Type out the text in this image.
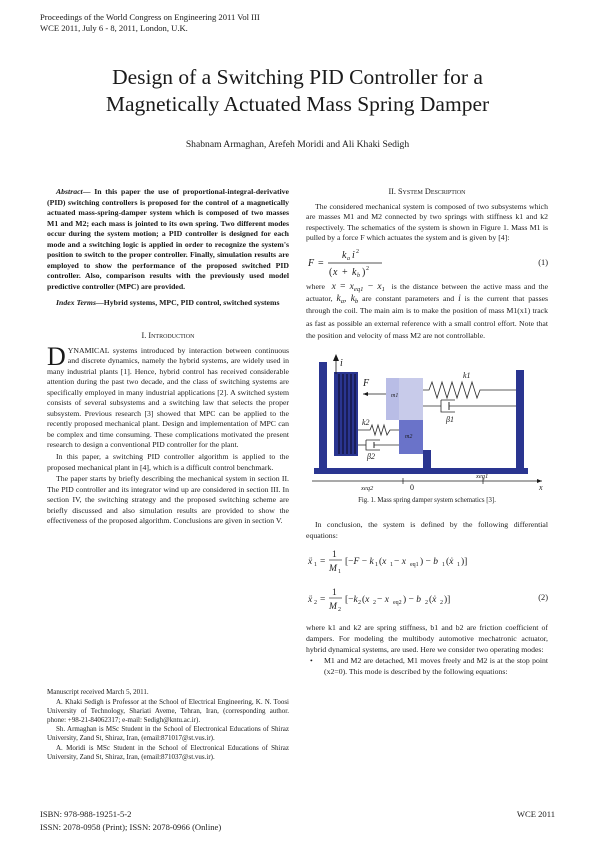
Proceedings of the World Congress on Engineering 2011 Vol III
WCE 2011, July 6 - 8, 2011, London, U.K.
Design of a Switching PID Controller for a
Magnetically Actuated Mass Spring Damper
Shabnam Armaghan, Arefeh Moridi and Ali Khaki Sedigh

Abstract— In this paper the use of proportional-integral-derivative (PID) switching controllers is proposed for the control of a magnetically actuated mass-spring-damper system which is composed of two masses M1 and M2; each mass is jointed to its own spring. Two different modes occur during the system motion; a PID controller is designed for each mode and a switching logic is applied in order to recognize the system's position to switch to the proper controller. Finally, simulation results are employed to show the performance of the proposed switched PID controller. Also, comparison results with the previously used model predictive controller (MPC) are provided.

Index Terms—Hybrid systems, MPC, PID control, switched systems

I. Introduction

DYNAMICAL systems introduced by interaction between continuous and discrete dynamics, namely the hybrid systems, are widely used in many industrial plants [1]. Hence, hybrid control has received considerable attention during the past two decade, and the class of switching systems are specifically employed in many industrial applications [2]. A switched system consists of several subsystems and a switching law that selects the proper subsystem. Previous research [3] showed that MPC can be applied to the recently proposed mechanical plant. Design and implementation of MPC can be complex and time consuming. These complications motivated the present research to design a conventional PID controller for the plant.

In this paper, a switching PID controller algorithm is applied to the proposed mechanical plant in [4], which is a difficult control benchmark.

The paper starts by briefly describing the mechanical system in section II. The PID controller and its integrator wind up are considered in section III. In section IV, the switching strategy and the proposed switching scheme are briefly discussed and also simulation results are provided to show the effectiveness of the proposed algorithm. Conclusions are given in section V.

Manuscript received March 5, 2011.

A. Khaki Sedigh is Professor at the School of Electrical Engineering, K. N. Toosi University of Technology, Shariati Aveme, Tehran, Iran, (corresponding author. phone: +98-21-84062317; e-mail: Sedigh@kntu.ac.ir).

Sh. Armaghan is MSc Student in the School of Electronical Educations of Shiraz University, Zand St, Shiraz, Iran, (email:871017@st.vus.ir).

A. Moridi is MSc Student in the School of Electronical Educations of Shiraz University, Zand St, Shiraz, Iran, (email:871037@st.vus.ir).

II. System Description

The considered mechanical system is composed of two subsystems which are masses M1 and M2 connected by two springs with stiffness k1 and k2 respectively. The schematics of the system is shown in Figure 1. Mass M1 is pulled by a force F which actuates the system and is given by [4]:

F =
k a i 2
( x + k b ) 2
(1)

where  $x = x_{eq1} - x_1$ is the distance between the active mass and the actuator, $k_a$, $k_b$ are constant parameters and i is the current that passes through the coil. The main aim is to make the position of mass M1(x1) track as fast as possible an external reference with a small control effort. Note that the position and velocity of mass M2 are not controllable.

i
F
m1
k1
β1
m2
k2
β2
xeq2	0
xeq1
x
Fig. 1. Mass spring damper system schematics [3].

In conclusion, the system is defined by the following differential equations:

ẍ 1 =
1
M 1
[−F − k 1 (x 1 − x eq1 ) − b 1 (ẋ 1 )]
ẍ 2 =
1
M 2
[−k 2 (x 2 − x eq2 ) − b 2 (ẋ 2 )]	(2)

where k1 and k2 are spring stiffness, b1 and b2 are friction coefficient of dampers. For modeling the multibody automotive mechatronic actuator, hybrid dynamical systems, are used. Here we consider two operating modes:

•	M1 and M2 are detached, M1 moves freely and M2 is at the stop point (x2=0). This mode is described by the following equations:
ISBN: 978-988-19251-5-2
ISSN: 2078-0958 (Print); ISSN: 2078-0966 (Online)
WCE 2011
